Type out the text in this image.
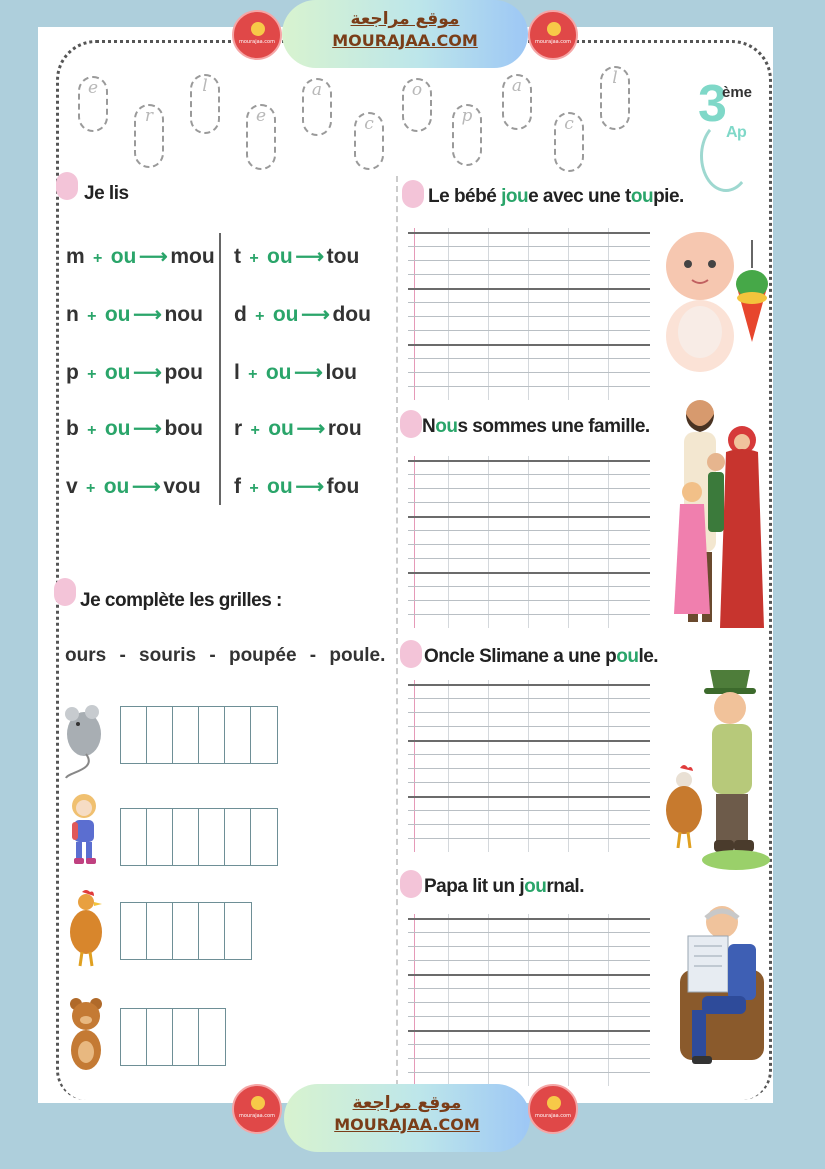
mourajaa.com
موقع مراجعة
MOURAJAA.COM	mourajaa.com
e
r
l
e
a
c
o
p
a
c
l 3
ème
Ap
Je lis
m + ou ⟶ mou
n + ou ⟶ nou
p + ou ⟶ pou
b + ou ⟶ bou
v + ou ⟶ vou
t + ou ⟶ tou
d + ou ⟶ dou
l + ou ⟶ lou
r + ou ⟶ rou
f + ou ⟶ fou
Je complète les grilles :
ours - souris - poupée - poule.
Le bébé joue avec une toupie.
Nous sommes une famille.
Oncle Slimane a une poule.
Papa lit un journal.
mourajaa.com
موقع مراجعة
MOURAJAA.COM	mourajaa.com
